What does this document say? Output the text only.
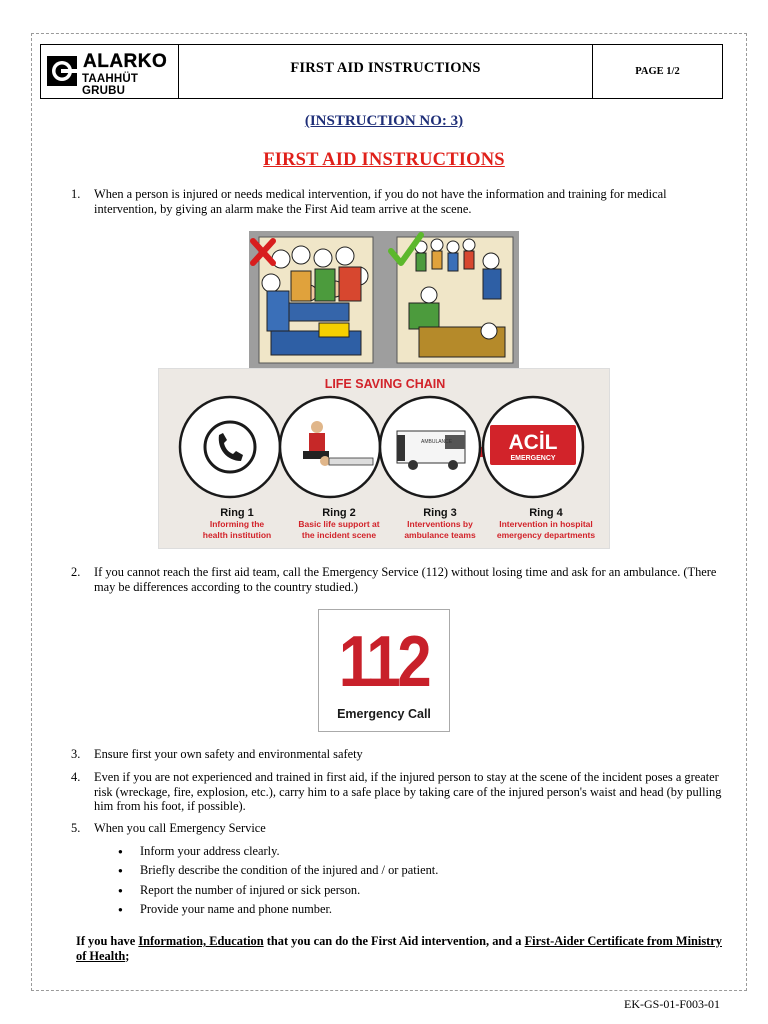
ALARKO
TAAHHÜT GRUBU
FIRST AID INSTRUCTIONS	PAGE 1/2
(INSTRUCTION NO: 3)
FIRST AID INSTRUCTIONS
1. When a person is injured or needs medical intervention, if you do not have the information and training for medical intervention, by giving an alarm make the First Aid team arrive at the scene.
LIFE SAVING CHAIN
AMBULANCE	ACİL
EMERGENCY
Ring 1
Informing the
health institution
Ring 2
Basic life support at
the incident scene
Ring 3
Interventions by
ambulance teams
Ring 4
Intervention in hospital
emergency departments
2. If you cannot reach the first aid team, call the Emergency Service (112) without losing time and ask for an ambulance. (There may be differences according to the country studied.)
112
Emergency Call
3. Ensure first your own safety and environmental safety
4. Even if you are not experienced and trained in first aid, if the injured person to stay at the scene of the incident poses a greater risk (wreckage, fire, explosion, etc.), carry him to a safe place by taking care of the injured person's waist and head (by pulling him from his foot, if possible).
5. When you call Emergency Service
● Inform your address clearly.
● Briefly describe the condition of the injured and / or patient.
● Report the number of injured or sick person.
● Provide your name and phone number.
If you have Information, Education that you can do the First Aid intervention, and a First-Aider Certificate from Ministry of Health;
EK-GS-01-F003-01
